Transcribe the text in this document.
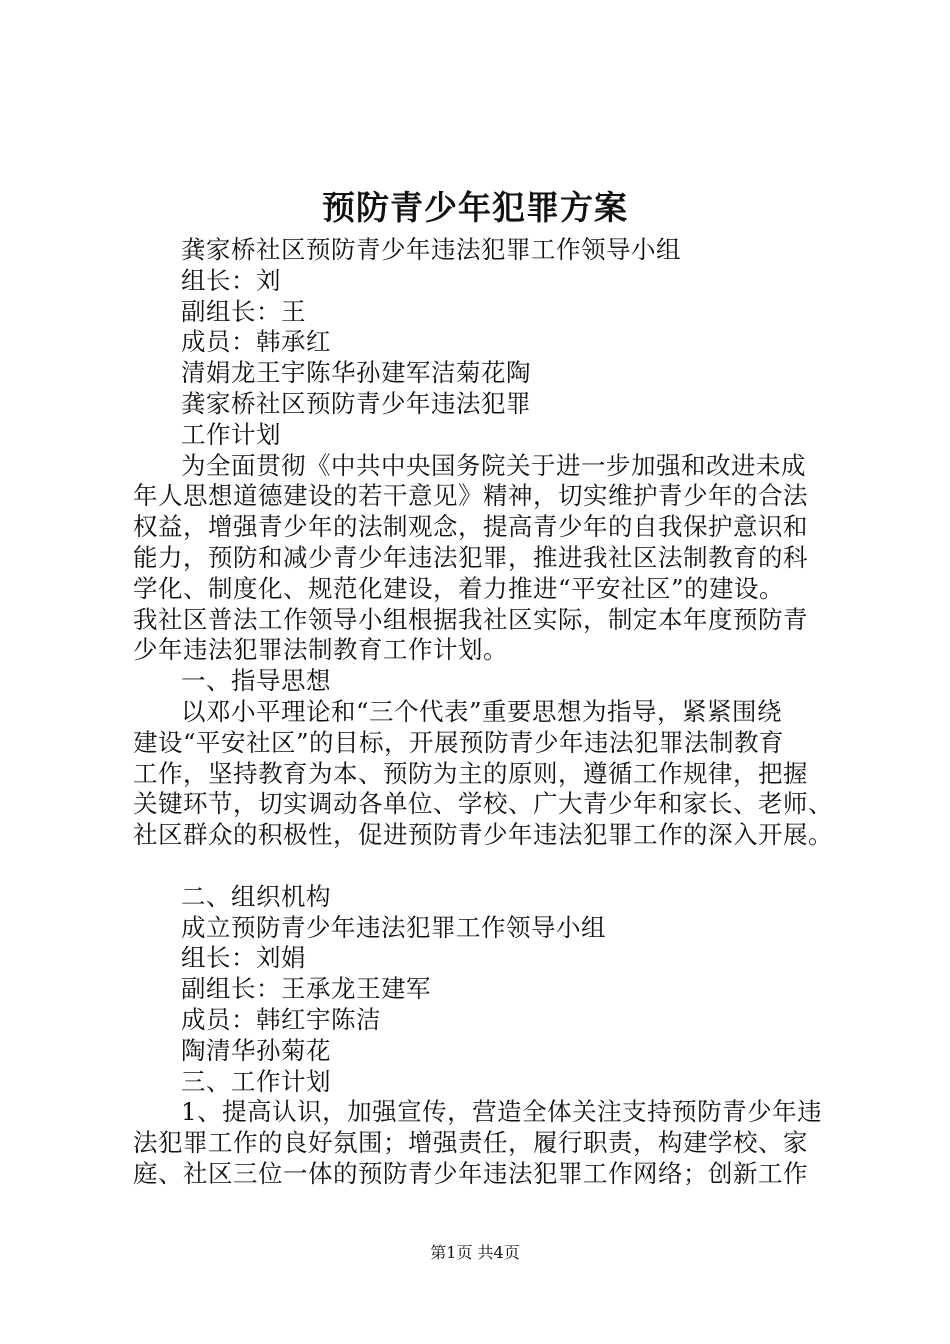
预防青少年犯罪方案
龚家桥社区预防青少年违法犯罪工作领导小组
组长：刘
副组长：王
成员：韩承红
清娟龙王宇陈华孙建军洁菊花陶
龚家桥社区预防青少年违法犯罪
工作计划
为全面贯彻《中共中央国务院关于进一步加强和改进未成
年人思想道德建设的若干意见》精神，切实维护青少年的合法
权益，增强青少年的法制观念，提高青少年的自我保护意识和
能力，预防和减少青少年违法犯罪，推进我社区法制教育的科
学化、制度化、规范化建设，着力推进“平安社区”的建设。
我社区普法工作领导小组根据我社区实际，制定本年度预防青
少年违法犯罪法制教育工作计划。
一、指导思想
以邓小平理论和“三个代表”重要思想为指导，紧紧围绕
建设“平安社区”的目标，开展预防青少年违法犯罪法制教育
工作，坚持教育为本、预防为主的原则，遵循工作规律，把握
关键环节，切实调动各单位、学校、广大青少年和家长、老师、
社区群众的积极性，促进预防青少年违法犯罪工作的深入开展。
二、组织机构
成立预防青少年违法犯罪工作领导小组
组长：刘娟
副组长：王承龙王建军
成员：韩红宇陈洁
陶清华孙菊花
三、工作计划
1、提高认识，加强宣传，营造全体关注支持预防青少年违
法犯罪工作的良好氛围；增强责任，履行职责，构建学校、家
庭、社区三位一体的预防青少年违法犯罪工作网络；创新工作
第1页 共4页
